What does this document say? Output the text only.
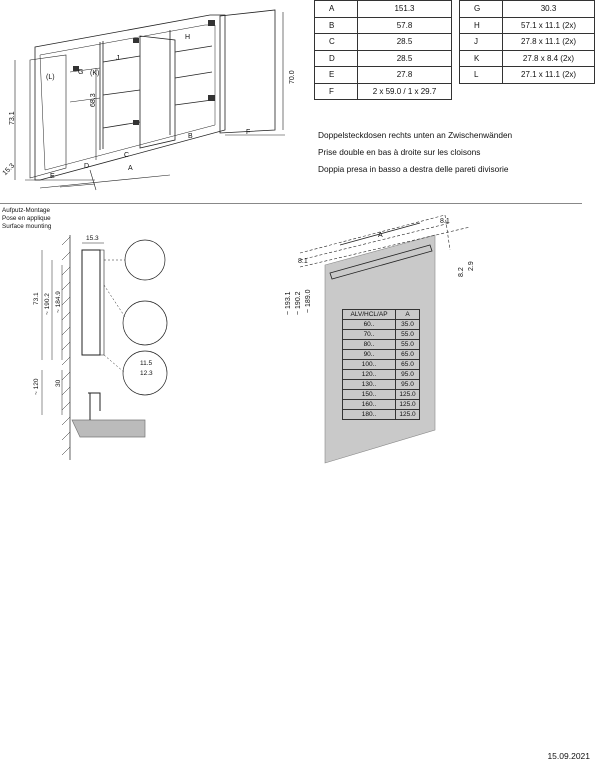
A	151.3
B	57.8
C	28.5
D	28.5
E	27.8
F	2 x 59.0 / 1 x 29.7
G	30.3
H	57.1 x 11.1 (2x)
J	27.8 x 11.1 (2x)
K	27.8 x 8.4 (2x)
L	27.1 x 11.1 (2x)
Doppelsteckdosen rechts unten an Zwischenwänden
Prise double en bas à droite sur les cloisons
Doppia presa in basso a destra delle pareti divisorie
73.1
70.0
68.3
15.3	A
B
C
D
E
F
G
H
J
(K)
(L)
Aufputz-Montage
Pose en applique
Surface mounting
15.3
73.1 ~ 190.2 ~ 184.9
~ 120 30
11.5
12.3
A
8.1
8.1
8.2
2.9
~ 193.1 ~ 190.2 ~ 189.0
ALV/HCL/AP	A
60..	35.0
70..	55.0
80..	55.0
90..	65.0
100..	65.0
120..	95.0
130..	95.0
150..	125.0
160..	125.0
180..	125.0
15.09.2021
